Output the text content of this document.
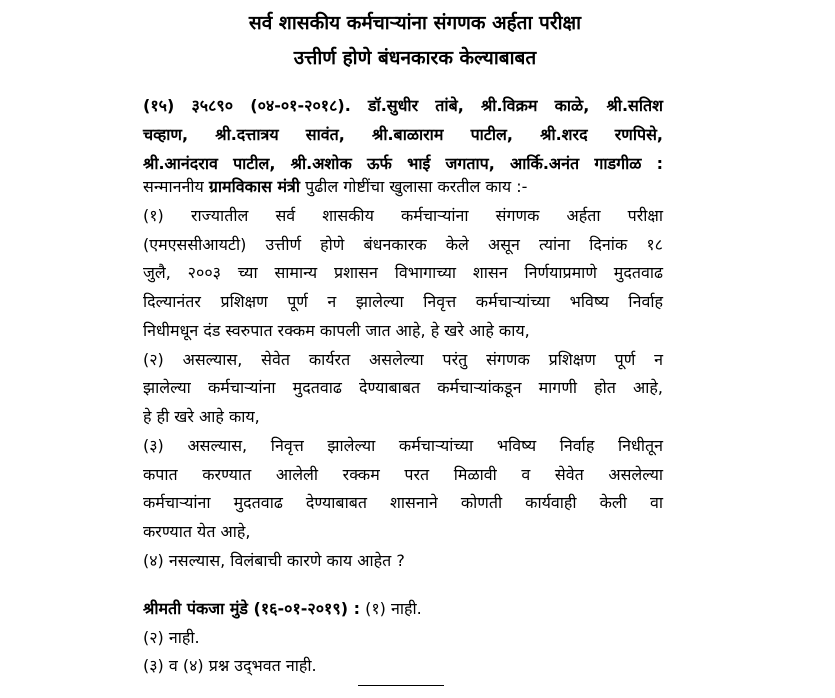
सर्व शासकीय कर्मचाऱ्यांना संगणक अर्हता परीक्षा
उत्तीर्ण होणे बंधनकारक केल्याबाबत
(१५) ३५८९० (०४-०१-२०१८). डॉ.सुधीर तांबे, श्री.विक्रम काळे, श्री.सतिश
चव्हाण, श्री.दत्तात्रय सावंत, श्री.बाळाराम पाटील, श्री.शरद रणपिसे,
श्री.आनंदराव पाटील, श्री.अशोक ऊर्फ भाई जगताप, आर्कि.अनंत गाडगीळ :
सन्माननीय ग्रामविकास मंत्री पुढील गोष्टींचा खुलासा करतील काय :-
(१) राज्यातील सर्व शासकीय कर्मचाऱ्यांना संगणक अर्हता परीक्षा
(एमएससीआयटी) उत्तीर्ण होणे बंधनकारक केले असून त्यांना दिनांक १८
जुलै, २००३ च्या सामान्य प्रशासन विभागाच्या शासन निर्णयाप्रमाणे मुदतवाढ
दिल्यानंतर प्रशिक्षण पूर्ण न झालेल्या निवृत्त कर्मचाऱ्यांच्या भविष्य निर्वाह
निधीमधून दंड स्वरुपात रक्कम कापली जात आहे, हे खरे आहे काय,
(२) असल्यास, सेवेत कार्यरत असलेल्या परंतु संगणक प्रशिक्षण पूर्ण न
झालेल्या कर्मचाऱ्यांना मुदतवाढ देण्याबाबत कर्मचाऱ्यांकडून मागणी होत आहे,
हे ही खरे आहे काय,
(३) असल्यास, निवृत्त झालेल्या कर्मचाऱ्यांच्या भविष्य निर्वाह निधीतून
कपात करण्यात आलेली रक्कम परत मिळावी व सेवेत असलेल्या
कर्मचाऱ्यांना मुदतवाढ देण्याबाबत शासनाने कोणती कार्यवाही केली वा
करण्यात येत आहे,
(४) नसल्यास, विलंबाची कारणे काय आहेत ?
श्रीमती पंकजा मुंडे (१६-०१-२०१९) : (१) नाही.
(२) नाही.
(३) व (४) प्रश्न उद्‌भवत नाही.
